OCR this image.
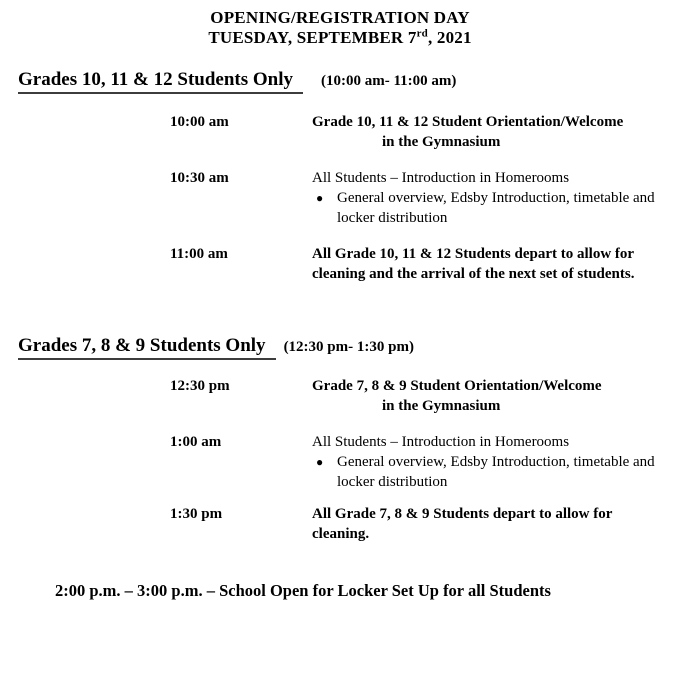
OPENING/REGISTRATION DAY
TUESDAY, SEPTEMBER 7rd, 2021
Grades 10, 11 & 12 Students Only (10:00 am- 11:00 am)
10:00 am	Grade 10, 11 & 12 Student Orientation/Welcome
in the Gymnasium
10:30 am	All Students – Introduction in Homerooms
● General overview, Edsby Introduction, timetable and locker distribution
11:00 am	All Grade 10, 11 & 12 Students depart to allow for cleaning and the arrival of the next set of students.
Grades 7, 8 & 9 Students Only (12:30 pm- 1:30 pm)
12:30 pm	Grade 7, 8 & 9 Student Orientation/Welcome
in the Gymnasium
1:00 am	All Students – Introduction in Homerooms
● General overview, Edsby Introduction, timetable and locker distribution
1:30 pm	All Grade 7, 8 & 9 Students depart to allow for cleaning.
2:00 p.m. – 3:00 p.m. – School Open for Locker Set Up for all Students
